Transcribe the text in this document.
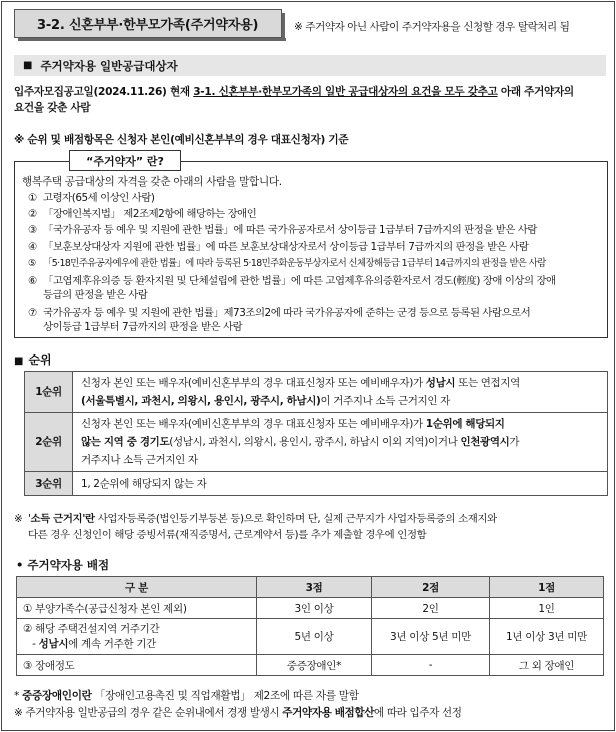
3-2. 신혼부부·한부모가족(주거약자용)	※ 주거약자 아닌 사람이 주거약자용을 신청할 경우 탈락처리 됨
■ 주거약자용 일반공급대상자
입주자모집공고일(2024.11.26) 현재 3-1. 신혼부부·한부모가족의 일반 공급대상자의 요건을 모두 갖추고 아래 주거약자의
요건을 갖춘 사람
※ 순위 및 배점항목은 신청자 본인(예비신혼부부의 경우 대표신청자) 기준
“주거약자” 란?
행복주택 공급대상의 자격을 갖춘 아래의 사람을 말합니다.
① 고령자(65세 이상인 사람)
② 「장애인복지법」 제2조제2항에 해당하는 장애인
③ 「국가유공자 등 예우 및 지원에 관한 법률」에 따른 국가유공자로서 상이등급 1급부터 7급까지의 판정을 받은 사람
④ 「보훈보상대상자 지원에 관한 법률」에 따른 보훈보상대상자로서 상이등급 1급부터 7급까지의 판정을 받은 사람
⑤ 「5·18민주유공자예우에 관한 법률」에 따라 등록된 5·18민주화운동부상자로서 신체장해등급 1급부터 14급까지의 판정을 받은 사람
⑥ 「고엽제후유의증 등 환자지원 및 단체설립에 관한 법률」에 따른 고엽제후유의증환자로서 경도(輕度) 장애 이상의 장애
등급의 판정을 받은 사람
⑦ 국가유공자 등 예우 및 지원에 관한 법률」제73조의2에 따라 국가유공자에 준하는 군경 등으로 등록된 사람으로서
상이등급 1급부터 7급까지의 판정을 받은 사람
■ 순위
1순위	신청자 본인 또는 배우자(예비신혼부부의 경우 대표신청자 또는 예비배우자)가 성남시 또는 연접지역
(서울특별시, 과천시, 의왕시, 용인시, 광주시, 하남시)이 거주지나 소득 근거지인 자
2순위	신청자 본인 또는 배우자(예비신혼부부의 경우 대표신청자 또는 예비배우자)가 1순위에 해당되지
않는 지역 중 경기도(성남시, 과천시, 의왕시, 용인시, 광주시, 하남시 이외 지역)이거나 인천광역시가
거주지나 소득 근거지인 자
3순위	1, 2순위에 해당되지 않는 자
※ '소득 근거지'란 사업자등록증(법인등기부등본 등)으로 확인하며 단, 실제 근무지가 사업자등록증의 소재지와
다른 경우 신청인이 해당 증빙서류(재직증명서, 근로계약서 등)를 추가 제출할 경우에 인정함
• 주거약자용 배점
구 분	3점	2점	1점
① 부양가족수(공급신청자 본인 제외)	3인 이상	2인	1인
② 해당 주택건설지역 거주기간
- 성남시에 계속 거주한 기간	5년 이상	3년 이상 5년 미만	1년 이상 3년 미만
③ 장애정도	중증장애인*	-	그 외 장애인
* 중증장애인이란 「장애인고용촉진 및 직업재활법」 제2조에 따른 자를 말함
※ 주거약자용 일반공급의 경우 같은 순위내에서 경쟁 발생시 주거약자용 배점합산에 따라 입주자 선정
